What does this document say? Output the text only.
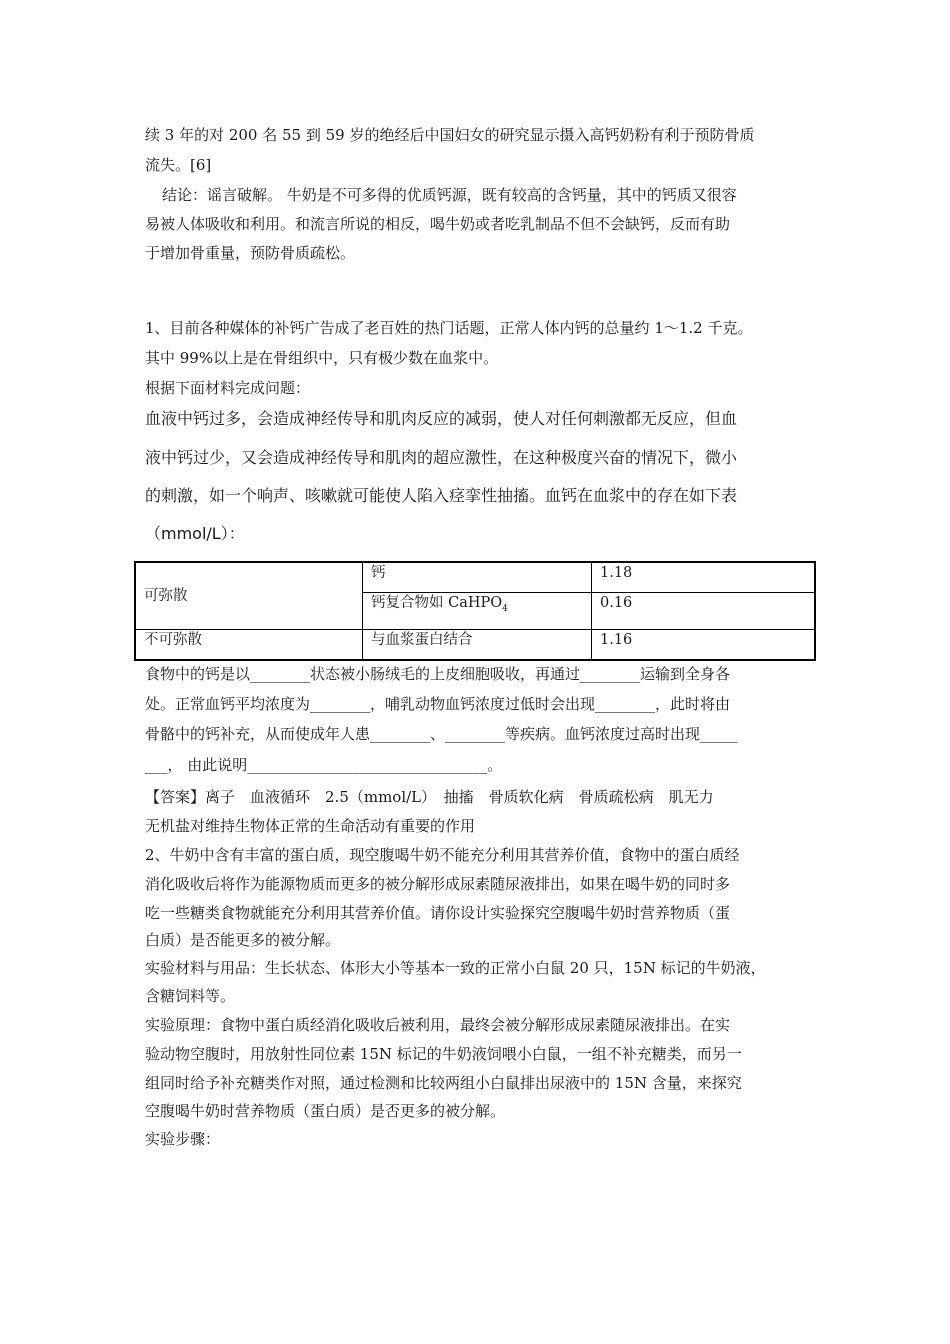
续 3 年的对 200 名 55 到 59 岁的绝经后中国妇女的研究显示摄入高钙奶粉有利于预防骨质
流失。[6]
结论：谣言破解。 牛奶是不可多得的优质钙源，既有较高的含钙量，其中的钙质又很容
易被人体吸收和利用。和流言所说的相反，喝牛奶或者吃乳制品不但不会缺钙，反而有助
于增加骨重量，预防骨质疏松。
1、目前各种媒体的补钙广告成了老百姓的热门话题，正常人体内钙的总量约 1～1.2 千克。
其中 99%以上是在骨组织中，只有极少数在血浆中。
根据下面材料完成问题：
血液中钙过多，会造成神经传导和肌肉反应的减弱，使人对任何刺激都无反应，但血
液中钙过少，又会造成神经传导和肌肉的超应激性，在这种极度兴奋的情况下，微小
的刺激，如一个响声、咳嗽就可能使人陷入痉挛性抽搐。血钙在血浆中的存在如下表
（mmol/L）：
可弥散	钙	1.18
	钙复合物如 CaHPO$_4$	0.16
不可弥散	与血浆蛋白结合	1.16
食物中的钙是以________状态被小肠绒毛的上皮细胞吸收，再通过________运输到全身各
处。正常血钙平均浓度为________，哺乳动物血钙浓度过低时会出现________，此时将由
骨骼中的钙补充，从而使成年人患________、________等疾病。血钙浓度过高时出现_____
___， 由此说明________________________________。
【答案】离子　血液循环　2.5（mmol/L）　抽搐　骨质软化病　骨质疏松病　肌无力
无机盐对维持生物体正常的生命活动有重要的作用
2、牛奶中含有丰富的蛋白质，现空腹喝牛奶不能充分利用其营养价值，食物中的蛋白质经
消化吸收后将作为能源物质而更多的被分解形成尿素随尿液排出，如果在喝牛奶的同时多
吃一些糖类食物就能充分利用其营养价值。请你设计实验探究空腹喝牛奶时营养物质（蛋
白质）是否能更多的被分解。
实验材料与用品：生长状态、体形大小等基本一致的正常小白鼠 20 只，15N 标记的牛奶液，
含糖饲料等。
实验原理：食物中蛋白质经消化吸收后被利用，最终会被分解形成尿素随尿液排出。在实
验动物空腹时，用放射性同位素 15N 标记的牛奶液饲喂小白鼠，一组不补充糖类，而另一
组同时给予补充糖类作对照，通过检测和比较两组小白鼠排出尿液中的 15N 含量，来探究
空腹喝牛奶时营养物质（蛋白质）是否更多的被分解。
实验步骤：
